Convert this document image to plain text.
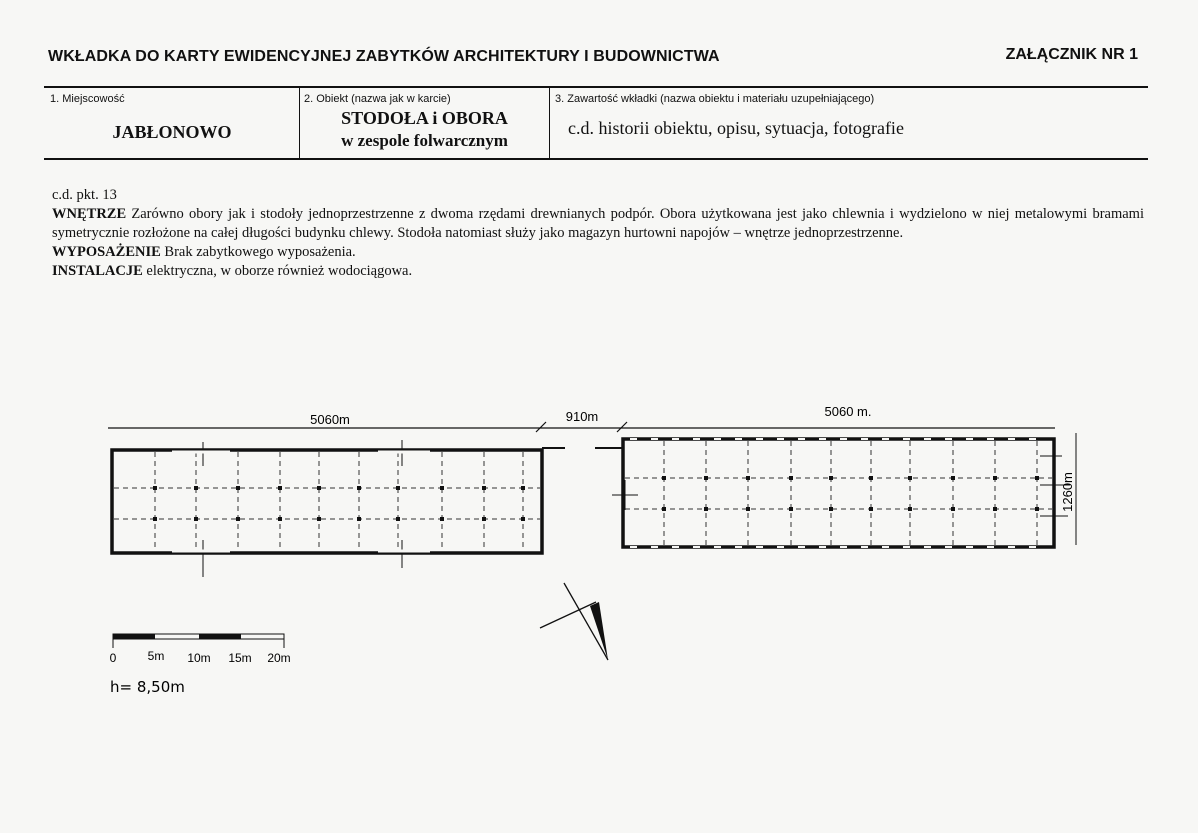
WKŁADKA DO KARTY EWIDENCYJNEJ ZABYTKÓW ARCHITEKTURY I BUDOWNICTWA	ZAŁĄCZNIK NR 1
1. Miejscowość
JABŁONOWO
2. Obiekt (nazwa jak w karcie)
STODOŁA i OBORA
w zespole folwarcznym
3. Zawartość wkładki (nazwa obiektu i materiału uzupełniającego)
c.d. historii obiektu, opisu, sytuacja, fotografie

c.d. pkt. 13

WNĘTRZE Zarówno obory jak i stodoły jednoprzestrzenne z dwoma rzędami drewnianych podpór. Obora użytkowana jest jako chlewnia i wydzielono w niej metalowymi bramami symetrycznie rozłożone na całej długości budynku chlewy. Stodoła natomiast służy jako magazyn hurtowni napojów – wnętrze jednoprzestrzenne.

WYPOSAŻENIE Brak zabytkowego wyposażenia.

INSTALACJE elektryczna, w oborze również wodociągowa.

5060m	910m	5060 m.
1260m
0	5m 10m 15m 20m
h= 8,50m
